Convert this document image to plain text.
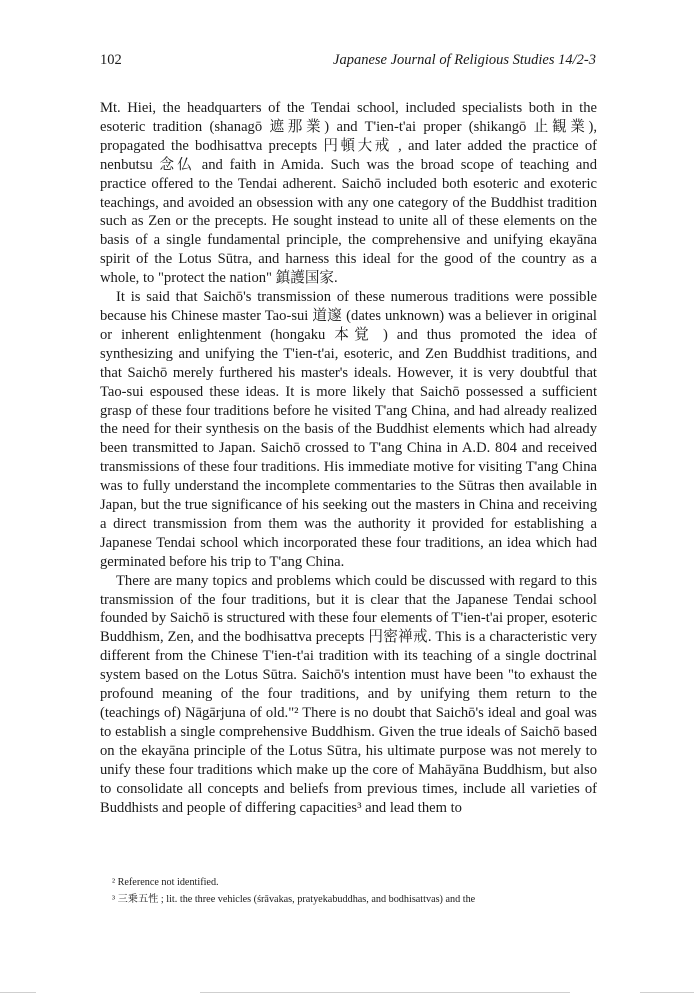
102	Japanese Journal of Religious Studies 14/2-3

Mt. Hiei, the headquarters of the Tendai school, included specialists both in the esoteric tradition (shanagō 遮那業) and T'ien-t'ai proper (shikangō 止観業), propagated the bodhisattva precepts 円頓大戒 , and later added the practice of nenbutsu 念仏 and faith in Amida. Such was the broad scope of teaching and practice offered to the Tendai adherent. Saichō included both esoteric and exoteric teachings, and avoided an obsession with any one category of the Buddhist tradition such as Zen or the precepts. He sought instead to unite all of these elements on the basis of a single fundamental principle, the comprehensive and unifying ekayāna spirit of the Lotus Sūtra, and harness this ideal for the good of the country as a whole, to "protect the nation" 鎮護国家.

It is said that Saichō's transmission of these numerous traditions were possible because his Chinese master Tao-sui 道邃 (dates unknown) was a believer in original or inherent enlightenment (hongaku 本覚 ) and thus promoted the idea of synthesizing and unifying the T'ien-t'ai, esoteric, and Zen Buddhist traditions, and that Saichō merely furthered his master's ideals. However, it is very doubtful that Tao-sui espoused these ideas. It is more likely that Saichō possessed a sufficient grasp of these four traditions before he visited T'ang China, and had already realized the need for their synthesis on the basis of the Buddhist elements which had already been transmitted to Japan. Saichō crossed to T'ang China in A.D. 804 and received transmissions of these four traditions. His immediate motive for visiting T'ang China was to fully understand the incomplete commentaries to the Sūtras then available in Japan, but the true significance of his seeking out the masters in China and receiving a direct transmission from them was the authority it provided for establishing a Japanese Tendai school which incorporated these four traditions, an idea which had germinated before his trip to T'ang China.

There are many topics and problems which could be discussed with regard to this transmission of the four traditions, but it is clear that the Japanese Tendai school founded by Saichō is structured with these four elements of T'ien-t'ai proper, esoteric Buddhism, Zen, and the bodhisattva precepts 円密禅戒. This is a characteristic very different from the Chinese T'ien-t'ai tradition with its teaching of a single doctrinal system based on the Lotus Sūtra. Saichō's intention must have been "to exhaust the profound meaning of the four traditions, and by unifying them return to the (teachings of) Nāgārjuna of old."² There is no doubt that Saichō's ideal and goal was to establish a single comprehensive Buddhism. Given the true ideals of Saichō based on the ekayāna principle of the Lotus Sūtra, his ultimate purpose was not merely to unify these four traditions which make up the core of Mahāyāna Buddhism, but also to consolidate all concepts and beliefs from previous times, include all varieties of Buddhists and people of differing capacities³ and lead them to

² Reference not identified.
³ 三乗五性 ; lit. the three vehicles (śrāvakas, pratyekabuddhas, and bodhisattvas) and the
